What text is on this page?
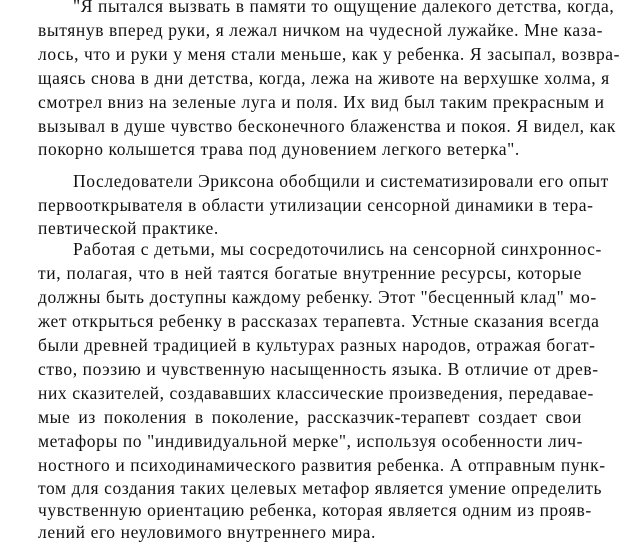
"Я пытался вызвать в памяти то ощущение далекого детства, когда,
вытянув вперед руки, я лежал ничком на чудесной лужайке. Мне каза-
лось, что и руки у меня стали меньше, как у ребенка. Я засыпал, возвра-
щаясь снова в дни детства, когда, лежа на животе на верхушке холма, я
смотрел вниз на зеленые луга и поля. Их вид был таким прекрасным и
вызывал в душе чувство бесконечного блаженства и покоя. Я видел, как
покорно колышется трава под дуновением легкого ветерка".
Последователи Эриксона обобщили и систематизировали его опыт
первооткрывателя в области утилизации сенсорной динамики в тера-
певтической практике.
Работая с детьми, мы сосредоточились на сенсорной синхроннос-
ти, полагая, что в ней таятся богатые внутренние ресурсы, которые
должны быть доступны каждому ребенку. Этот "бесценный клад" мо-
жет открыться ребенку в рассказах терапевта. Устные сказания всегда
были древней традицией в культурах разных народов, отражая богат-
ство, поэзию и чувственную насыщенность языка. В отличие от древ-
них сказителей, создававших классические произведения, передавае-
мые из поколения в поколение, рассказчик-терапевт создает свои
метафоры по "индивидуальной мерке", используя особенности лич-
ностного и психодинамического развития ребенка. А отправным пунк-
том для создания таких целевых метафор является умение определить
чувственную ориентацию ребенка, которая является одним из прояв-
лений его неуловимого внутреннего мира.
